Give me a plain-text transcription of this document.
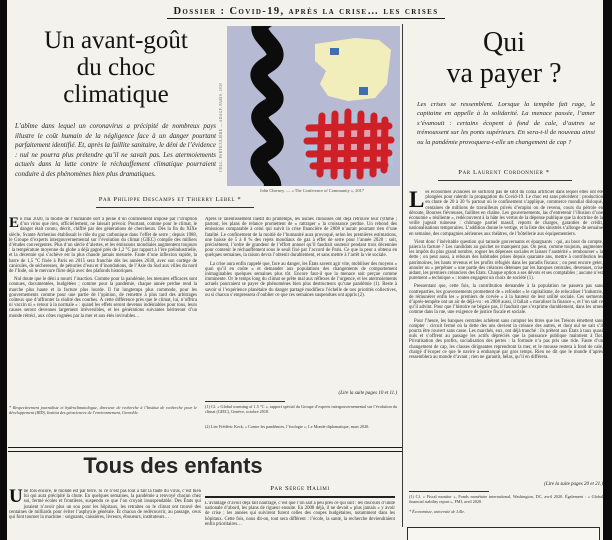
Dossier : Covid-19, après la crise… les crises
Un avant-goût
du choc
climatique
L’abîme dans lequel un coronavirus a précipité de nombreux pays illustre le coût humain de la négligence face à un danger pourtant parfaitement identifié. Et, après la faillite sanitaire, le déni de l’évidence : nul ne pourra plus prétendre qu’il ne savait pas. Les atermoiements actuels dans la lutte contre le réchauffement climatique pourraient conduire à des phénomènes bien plus dramatiques.
Par Philippe Descamps et Thierry Lebel *
COLL. PARTICULIÈRE — ADAGP, PARIS, 2020
John Cherney. — « The Conference of Community », 2017
Qui
va payer ?
Les crises se ressemblent. Lorsque la tempête fait rage, le capitaine en appelle à la solidarité. La menace passée, l’amer s’évanouit : certains écopent à fond de cale, d’autres se trémoussent sur les ponts supérieurs. En sera-t-il de nouveau ainsi ou la pandémie provoquera-t-elle un changement de cap ?
Par Laurent Cordonnier *

En mai 2020, la moitié de l’humanité sort à peine d’un confinement imposé par l’irruption d’un virus que rien, officiellement, ne laissait prévoir. Pourtant, comme pour le climat, le danger était connu, décrit, chiffré par des générations de chercheurs. Dès la fin du XIXe siècle, Svante Arrhenius établissait le rôle du gaz carbonique dans l’effet de serre ; depuis 1988, le Groupe d’experts intergouvernemental sur l’évolution du climat (GIEC) compile des milliers d’études convergentes. Plus d’un siècle d’alertes, et les émissions mondiales augmentent toujours : la température moyenne du globe a déjà gagné près de 1,2 °C par rapport à l’ère préindustrielle, et la décennie qui s’achève est la plus chaude jamais mesurée. Faute d’une inflexion rapide, la barre de 1,5 °C fixée à Paris en 2015 sera franchie dès les années 2030, avec son cortège de canicules, de sécheresses, de pénuries d’eau et d’inondations, de l’Asie du Sud aux villes du nord de l’Inde, où le mercure flirte déjà avec des plafonds historiques.

Nul doute que le déni a nourri l’inaction. Comme pour la pandémie, les mesures efficaces sont connues, documentées, budgétées ; comme pour la pandémie, chaque année perdue rend la marche plus haute et la facture plus lourde. Il fut longtemps plus commode, pour les gouvernements comme pour une partie de l’opinion, de remettre à plus tard des arbitrages coûteux que d’affronter la réalité des courbes. À cette différence près que le climat, lui, n’offrira ni vaccin ni « retour à la normale » : quand les effets seront devenus indéniables pour tous, leurs causes seront devenues largement irréversibles, et les générations suivantes hériteront d’un monde rétréci, aux côtes rognées par la mer et aux étés invivables…

* Respectivement journaliste et hydroclimatologue, directeur de recherche à l’Institut de recherche pour le développement (IRD), Institut des géosciences de l’environnement, Grenoble.

Après le ralentissement inédit du printemps, les usines chinoises ont déjà retrouvé leur rythme ; partout, les plans de relance promettent de « rattraper » la croissance perdue. Un rebond des émissions comparable à celui qui suivit la crise financière de 2008 n’aurait pourtant rien d’une fatalité. Le confinement de la moitié de l’humanité aura provoqué, selon les premières estimations, une baisse de 5 à 8 % des rejets mondiaux de gaz à effet de serre pour l’année 2020 : soit, précisément, l’ordre de grandeur de l’effort annuel qu’il faudrait soutenir pendant trois décennies pour contenir le réchauffement sous le seuil fixé par l’accord de Paris. Ce que la peur a obtenu en quelques semaines, la raison devra l’obtenir durablement, et sans mettre à l’arrêt la vie sociale.

La crise aura enfin rappelé que, face au danger, les États savent agir vite, mobiliser des moyens « quoi qu’il en coûte » et demander aux populations des changements de comportement inimaginables quelques semaines plus tôt. Encore faut-il que la menace soit perçue comme imminente. Or le temps long du climat se prête mal aux réflexes de l’urgence, et les atermoiements actuels pourraient se payer de phénomènes bien plus destructeurs qu’une pandémie (1). Reste à savoir si l’expérience planétaire du danger partagé modifiera l’échelle de nos priorités collectives, ou si chacun s’empressera d’oublier ce que ces semaines suspendues ont appris (2).

(Lire la suite pages 10 et 11.)
(1) Cf. « Global warming of 1.5 °C », rapport spécial du Groupe d’experts intergouvernemental sur l’évolution du climat (GIEC), Genève, octobre 2018.
(2) Lire Frédéric Keck, « Contre les pandémies, l’écologie », Le Monde diplomatique, mars 2020.

Les économies avancées ne sortiront pas de sitôt du coma artificiel dans lequel elles ont été plongées pour ralentir la propagation du Covid-19. Le choc est sans précédent : production en chute de 20 à 30 % partout où le confinement s’applique, commerce mondial disloqué, centaines de millions de travailleurs privés d’emploi ou de revenu, cours du pétrole en déroute, Bourses fiévreuses, faillites en chaîne. Les gouvernements, las d’entretenir l’illusion d’une économie « résiliente », redécouvrent à la hâte les vertus de la dépense publique que la doctrine de la veille jugeait ruineuse : chômage partiel massif, reports de charges, garanties de crédit, nationalisations temporaires. L’addition donne le vertige, et la liste des sinistrés s’allonge de semaine en semaine, des compagnies aériennes aux théâtres, de l’hôtellerie aux équipementiers.

Vient donc l’inévitable question qui taraude gouvernants et épargnants : qui, au bout du compte, paiera la facture ? Les candidats au guichet ne manquent pas. On peut, comme toujours, augmenter les impôts du plus grand nombre, rogner les dépenses sociales et laisser l’austérité « rembourser » la dette ; on peut aussi, à rebours des habitudes prises depuis quarante ans, mettre à contribution les patrimoines, les hauts revenus et les profits réfugiés dans les paradis fiscaux ; on peut encore geler, annuler ou « perpétuer » une partie des créances détenues par les banques centrales, devenues, crise aidant, les premiers créanciers des États. Chaque option a ses dévots et ses comptables ; aucune n’est purement « technique » : toutes engagent un choix de société (1).

Pressentant que, cette fois, la contribution demandée à la population ne passera pas sans contreparties, les gouvernements promettent de « refonder » le capitalisme, de relocaliser l’industrie, de rémunérer enfin les « premiers de corvée » à la hauteur de leur utilité sociale. Ces serments d’après-tempête ont un air de déjà-vu : en 2008 aussi, il fallait « moraliser la finance », et l’on sait ce qu’il advint. Pour que l’histoire ne bégaie pas, il faudrait que s’exprime durablement, dans les urnes comme dans la rue, une exigence de justice fiscale et sociale.

Pour l’heure, les banques centrales achètent sans compter les titres que les Trésors émettent sans compter : circuit fermé où la dette des uns devient la créance des autres, et dont nul ne sait s’il pourra être rouvert sans casse. Les marchés, eux, ont déjà tranché : ils prêtent aux États à taux quasi nuls et s’offrent au passage les actifs dépréciés que la puissance publique maintient à flot. Privatisation des profits, socialisation des pertes : la formule n’a pas pris une ride. Faute d’un changement de cap, les classes dirigeantes reprendront la mer, et le mousse restera à fond de cale, chargé d’écoper ce que le navire a embarqué par gros temps. Rien ne dit que le monde d’après ressemblera au monde d’avant ; rien ne garantit, hélas, qu’il en différera.

(Lire la suite pages 20 et 21.)
(1) Cf. « Fiscal monitor », Fonds monétaire international, Washington, DC, avril 2020. Également : « Global financial stability report », FMI, avril 2020.
* Économiste, université de Lille.
Tous des enfants
Par Serge Halimi

Une fois encore, le monde est par terre. Si ce n’est pas tout à fait la faute du virus, c’est bien lui qui aura précipité la chute. En quelques semaines, la pandémie a renvoyé chacun chez soi, fermé écoles et frontières, suspendu ce que l’on croyait insuspendable. Des États qui juraient n’avoir plus un sou pour les hôpitaux, les retraites ou le climat ont trouvé des centaines de milliards pour éviter l’asphyxie générale. Et chacun de redécouvrir, au passage, ceux qui font tourner la machine : soignants, caissières, livreurs, éboueurs, instituteurs…

L’avantage d’avoir déjà fait naufrage, c’est que l’on sait à peu près ce qui suit : les discours d’unité nationale d’abord, les plans de rigueur ensuite. En 2008 déjà, il ne devait « plus jamais » y avoir de crise ; les années qui suivirent furent celles des coupes budgétaires, notamment dans les hôpitaux. Cette fois, nous dit-on, tout sera différent : l’école, la santé, la recherche deviendraient enfin prioritaires…
